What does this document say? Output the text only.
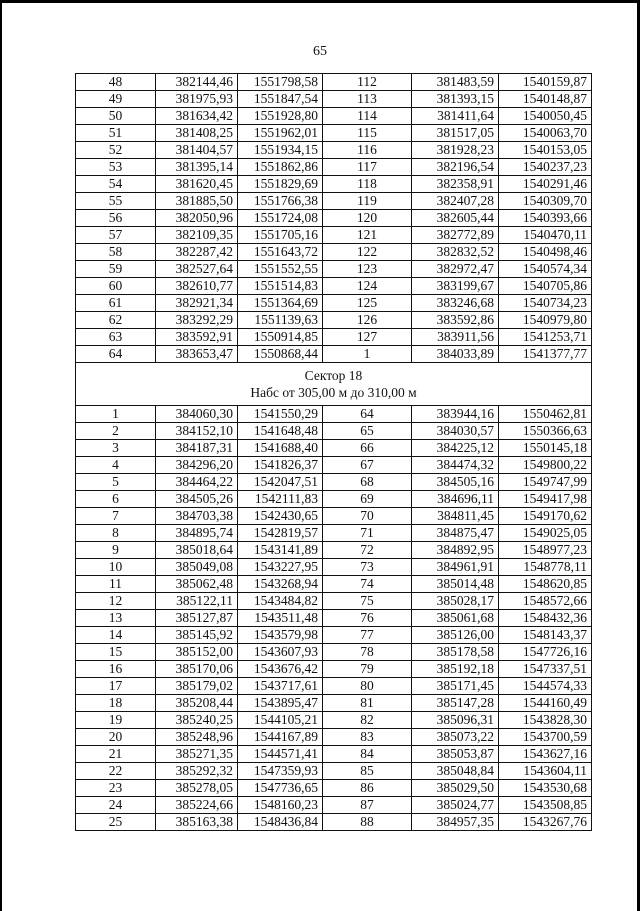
65
48	382144,46	1551798,58	112	381483,59	1540159,87
49	381975,93	1551847,54	113	381393,15	1540148,87
50	381634,42	1551928,80	114	381411,64	1540050,45
51	381408,25	1551962,01	115	381517,05	1540063,70
52	381404,57	1551934,15	116	381928,23	1540153,05
53	381395,14	1551862,86	117	382196,54	1540237,23
54	381620,45	1551829,69	118	382358,91	1540291,46
55	381885,50	1551766,38	119	382407,28	1540309,70
56	382050,96	1551724,08	120	382605,44	1540393,66
57	382109,35	1551705,16	121	382772,89	1540470,11
58	382287,42	1551643,72	122	382832,52	1540498,46
59	382527,64	1551552,55	123	382972,47	1540574,34
60	382610,77	1551514,83	124	383199,67	1540705,86
61	382921,34	1551364,69	125	383246,68	1540734,23
62	383292,29	1551139,63	126	383592,86	1540979,80
63	383592,91	1550914,85	127	383911,56	1541253,71
64	383653,47	1550868,44	1	384033,89	1541377,77

Сектор 18
Набс от 305,00 м до 310,00 м					

1	384060,30	1541550,29	64	383944,16	1550462,81
2	384152,10	1541648,48	65	384030,57	1550366,63
3	384187,31	1541688,40	66	384225,12	1550145,18
4	384296,20	1541826,37	67	384474,32	1549800,22
5	384464,22	1542047,51	68	384505,16	1549747,99
6	384505,26	1542111,83	69	384696,11	1549417,98
7	384703,38	1542430,65	70	384811,45	1549170,62
8	384895,74	1542819,57	71	384875,47	1549025,05
9	385018,64	1543141,89	72	384892,95	1548977,23
10	385049,08	1543227,95	73	384961,91	1548778,11
11	385062,48	1543268,94	74	385014,48	1548620,85
12	385122,11	1543484,82	75	385028,17	1548572,66
13	385127,87	1543511,48	76	385061,68	1548432,36
14	385145,92	1543579,98	77	385126,00	1548143,37
15	385152,00	1543607,93	78	385178,58	1547726,16
16	385170,06	1543676,42	79	385192,18	1547337,51
17	385179,02	1543717,61	80	385171,45	1544574,33
18	385208,44	1543895,47	81	385147,28	1544160,49
19	385240,25	1544105,21	82	385096,31	1543828,30
20	385248,96	1544167,89	83	385073,22	1543700,59
21	385271,35	1544571,41	84	385053,87	1543627,16
22	385292,32	1547359,93	85	385048,84	1543604,11
23	385278,05	1547736,65	86	385029,50	1543530,68
24	385224,66	1548160,23	87	385024,77	1543508,85
25	385163,38	1548436,84	88	384957,35	1543267,76
